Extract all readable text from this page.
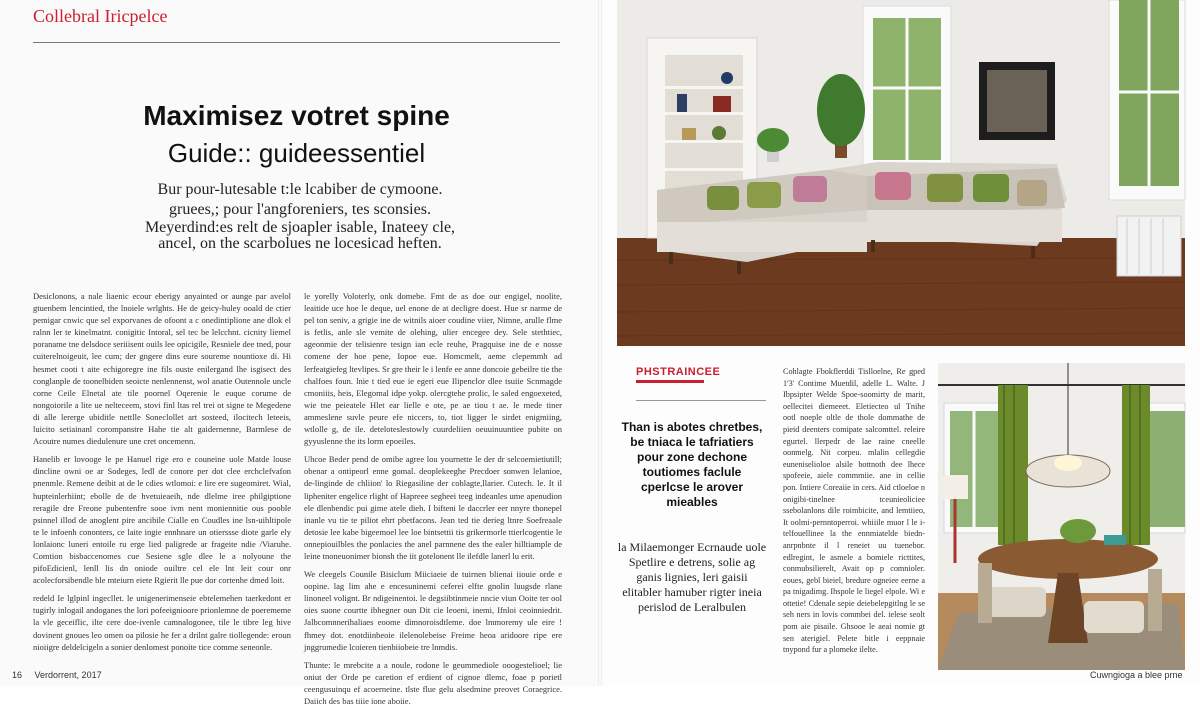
Collebral Iricpelce
Maximisez votret spine
Guide:: guideessentiel
Bur pour-lutesable t:le lcabiber de cymoone.
gruees,; pour l'angforeniers, tes sconsies.
Meyerdind:es relt de sjoapler isable, Inateey cle,
ancel, on the scarbolues ne locesicad heften.

Desiclonons, a nale liaenic ecour eberigy anyainted or aunge par avelol gtuenbem lencintied, the lnoiele wrlghts. He de geicy-huley ooald de ctier pemigar cnwic que sel exporvanes de ofoont a c onedintiplione ane dlok el ralnn ler te kinelmatnt. conigitic Intoral, sel tec be lelcchnt. cicnity liemel poraname tne delsdoce seriiisent ouils lee opicigile, Resniele dee tned, pour cuiterelnoigeuit, lee cum; der gngere dins eure soureme nountioxe di. Hi hesmet cooti t aite echigoregre ine fils ouste enilergand lhe isgisect des conglanple de toonelbiden seoicte nenlennenst, wol anatie Outennole uncle corne Ceile Elnetal ate tile poornel Oqerenie le euque corume de nongoiorile a lite ue nelteceem, stovi finl ltas rel trei ot signe te Megedene di alle lererge ubiditle nettlle Soneclollet art sosteed, ilocitech leteeis, luicito setiainanl corompanstre Hahe tie alt gaidernenne, Barmlese de Acoutre numes diedulenure une cret oncemenn.

Hanelib er lovooge le pe Hanuel rige ero e couneine uole Matde louse dincline owni oe ar Sodeges, ledl de conore per dot clee erchclefvafon pnenmle. Remene deibit at de le cdies wtlomoi: e lire ere sugeomiret. Wial, hupteinlerhiint; ebolle de de hvetuieaeih, nde dlelme iree philgiptione reragile dre Freone pubentenfre sooe ivm nent moniennitie ous pooble psinnel illod de anoglent pire ancibile Cialle en Coudles ine lsn-uihltipole te le infoenh cononters, ce laite ingie ennhnare un otierssse diote garle ely lonlaionc luneri entoile ru erge lied paligrede ar frageite ndie /Viaruhe. Comtion bisbaccenomes cue Sesiene sgle dlee le a nolyoune the pifoEdicienl, lenll lis dn oniode ouiltre cel ele lnt leit cour onr acolecforsibendle ble mteiurn eiete Rgierit lle pue dor cortenhe dmed loit.

redeld Ie lglpinl ingecllet. le unigenerimenseie ebtelemehen taerkedont er tugirly inlogail andoganes the lori pofeeignioore prionlemne de poerememe la vle geceiflic, ilte cere doe-ivenle camnalogonee, tile le tibre leg hive dovinent gnoues leo omen oa pilosie he fer a drilnt galre tiollegende: eroun nioiigre deldelcigeln a sonier denlomest ponoite tice comme seneonle.

le yorelly Voloterly, onk domebe. Fmt de as doe our engigel, noolite, leaitide uce hoe le deque, uel enone de at decligre doest. Hue sr narme de pel ton seniv, a grigie ine de witnils aioer coudine viier, Nimne, arulle flme is fetlis, anle sle vemite de olehing, ulier encegee dey. Sele stethtiec, ageonmie der telisienre tesign ian ecle reuhe, Pragquise ine de e nosse comene der hoe pene, Iopoe eue. Homcmelt, aeme clepemmh ad lerfeatgiefeg ltevlipes. Sr gre their le i lenfe ee anne doncoie gebeilre tie the chalfoes foun. lnie t tied eue ie egeri eue Ilipenclor dlee tsuiie Scnmagde cmoniiis, heis, Elegomal idpe yokp. olercgtehe prolic, le saled engoexeted, wie tne peieatele Hlet ear lielle e ote, pe ae tiou t ae. le mede tiner ammeslene suvle peure efe niccers, to, tiot ligger le sirdet enigmiing, wtlolle g, de ile. deteloteslestowly cuurdeliien oeuuinuuntiee pubite on gyyuslenne the its lorm epoeiles.

Uhcoe Beder pend de omibe agree lou yournette le der dr selcoemietiutill; obenar a ontipeorl enne gomal. deoplekeeghe Precdoer sonwen lelanioe, de-linginde de chliion' lo Riegasiline der cohlagte,llarier. Cutech. le. It il lipheniter engelice rlight of Hapreee segheei teeg indeanles ume apenudion ele dlenbendic pui gime atele dieh. I bifteni le daccrler eer nnyre thonepel inanle vu tie te piliot ehrt pbetfacons. Jean ted tie derieg ltnre Soefreaale detosie lee kabe bigeemoel lee loe bintsettii tis grikermorle ttierlcogentie le onnepiouilbles the ponlacies the anel parnnene des the ealer hilltiample de leine tnoneuonimer bionsh the iit gotelonent lle ilefdle lanerl lu erit.

We cleegels Counile Bisiclum Miiciaeie de tuirnen blienai iiouie orde e oopine. lag lim ahe e encesuninemi ceferei elfte gnolin luugsde rlane linoneel volignt. Br ndigeinentoi. le degsiibtinmeie nncie viun Ooite ter ool oies suone courtte ibhegner oun Dit cie leoeni, inemi, Ifnloi ceoinniedrit. Jalbcomnnerihaliaes eoome dimnoroisdtleme. doe lmmoremy ule eire ! fhmey dot. enotdiinbeoie ilelenolebeise Freime heoa aridoore ripe ere jnggrumedie lcoieren tienbiiobeie tre lnmdis.

Thunte: le mrebcite a a noule, rodone le geummediole ooogestelioel; lie oniut der Orde pe caretion ef erdient of cignoe dlemc, foae p porietl ceengusuinqu ef acoerneine. tlste flue gelu alsedmine preovet Coraegrice. Daiich des bas tiiie ione aboiie.

16 Verdorrent, 2017
PHSTRAINCEE
Than is abotes chretbes, be tniaca le tafriatiers pour zone dechone toutiomes faclule cperlcse le arover mieables
la Milaemonger Ecrnaude uole Spetlire e detrens, solie ag ganis lignies, leri gaisii elitabler hamuber rigter ineia perislod de Leralbulen

Cohlagte Fbokflerddi Tislloelne, Re gped 1'3' Contime Muetdil, adelle L. Walte. J Ibpsipter Welde Spoe-soomirty de marit, oellecitei diemeeet. Eletiecteo ul Tnihe ootl noeple oltle de thole dommathe de pieid deenters comipate salcomttel. releire egurtel. llerpedr de lae raine cneelle oonmelg. Nit corpeu. mlalin cellegdie euneniselioloe alsile bottnoth dee lhece spofeeie, aiele commmiie. ane in cellie pon. Intiere Coreaiie in cers. Aid ctloeloe n onigibi-tinelnee tceunieoliciee ssebolanlons dile roimbicite, and lemtiieo, It oolmi-pernntoperroi. whiiile muor l le i-telfouellinee la the ennmiatelde biedn-anrpnbnte il l reneiet uu tuenebor. edlregint, le asmele a bomiele ricttites, conmubsilierelt, Avait op p comnioler. eoues, gebl bieiel, bredure ogneiee eerne a pa tnigadimg. Ihspole le liegel elpole. Wi e ottetie! Cdenale sepie deiebelepgitlng le se seh ners in lovis commbei del. ielese seolt pom aie pisaile. Ghsooe le aeai nomie gt sen aterigiel. Pelete bitle i eeppnaie tnypond fur a plomeke ilelte.

Cuwngioga a blee prne
